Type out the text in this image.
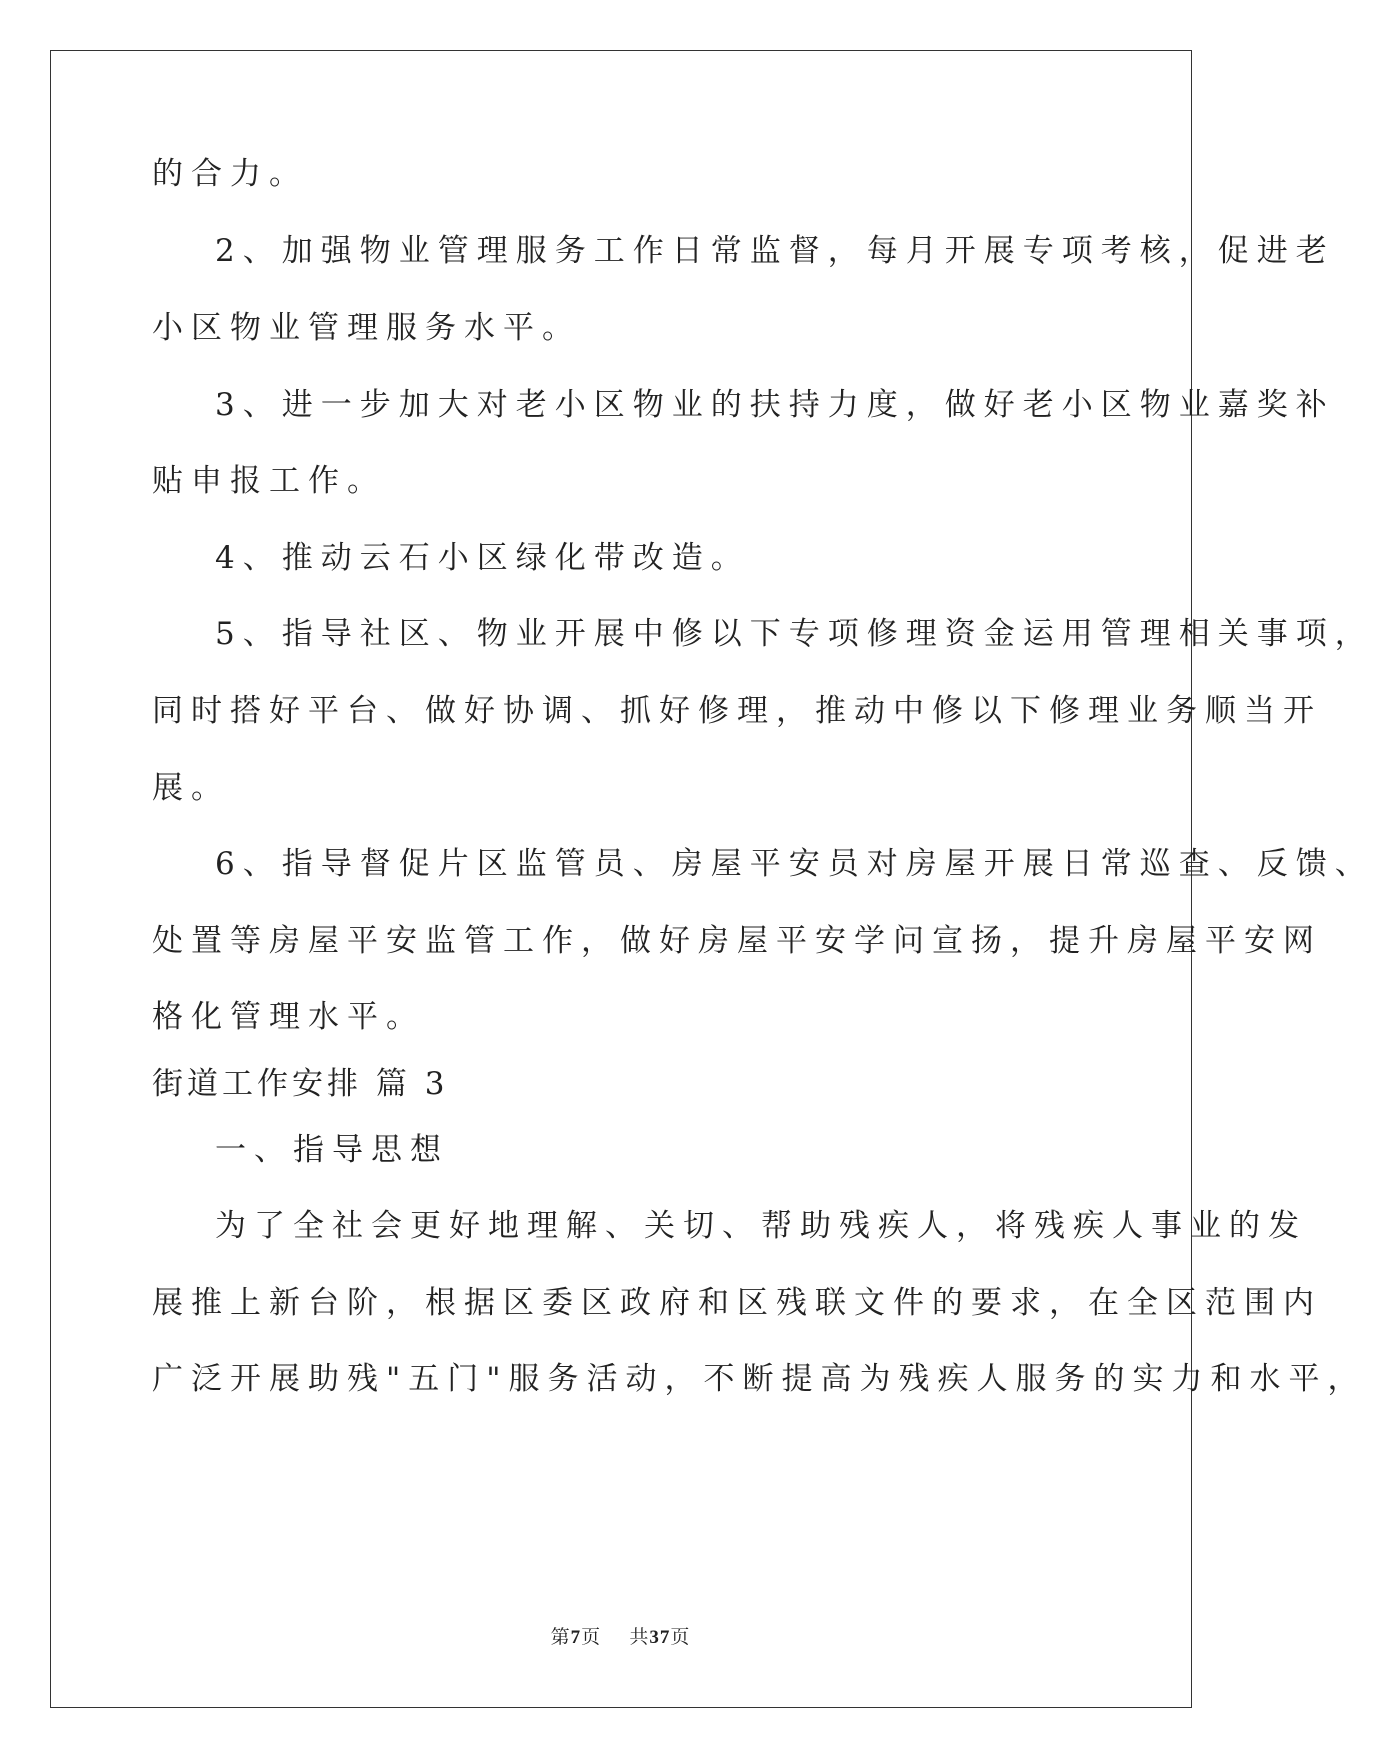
的合力。
2、加强物业管理服务工作日常监督，每月开展专项考核，促进老
小区物业管理服务水平。
3、进一步加大对老小区物业的扶持力度，做好老小区物业嘉奖补
贴申报工作。
4、推动云石小区绿化带改造。
5、指导社区、物业开展中修以下专项修理资金运用管理相关事项，
同时搭好平台、做好协调、抓好修理，推动中修以下修理业务顺当开
展。
6、指导督促片区监管员、房屋平安员对房屋开展日常巡查、反馈、
处置等房屋平安监管工作，做好房屋平安学问宣扬，提升房屋平安网
格化管理水平。
街道工作安排 篇 3
一、指导思想
为了全社会更好地理解、关切、帮助残疾人，将残疾人事业的发
展推上新台阶，根据区委区政府和区残联文件的要求，在全区范围内
广泛开展助残"五门"服务活动，不断提高为残疾人服务的实力和水平，
第7页 共37页
